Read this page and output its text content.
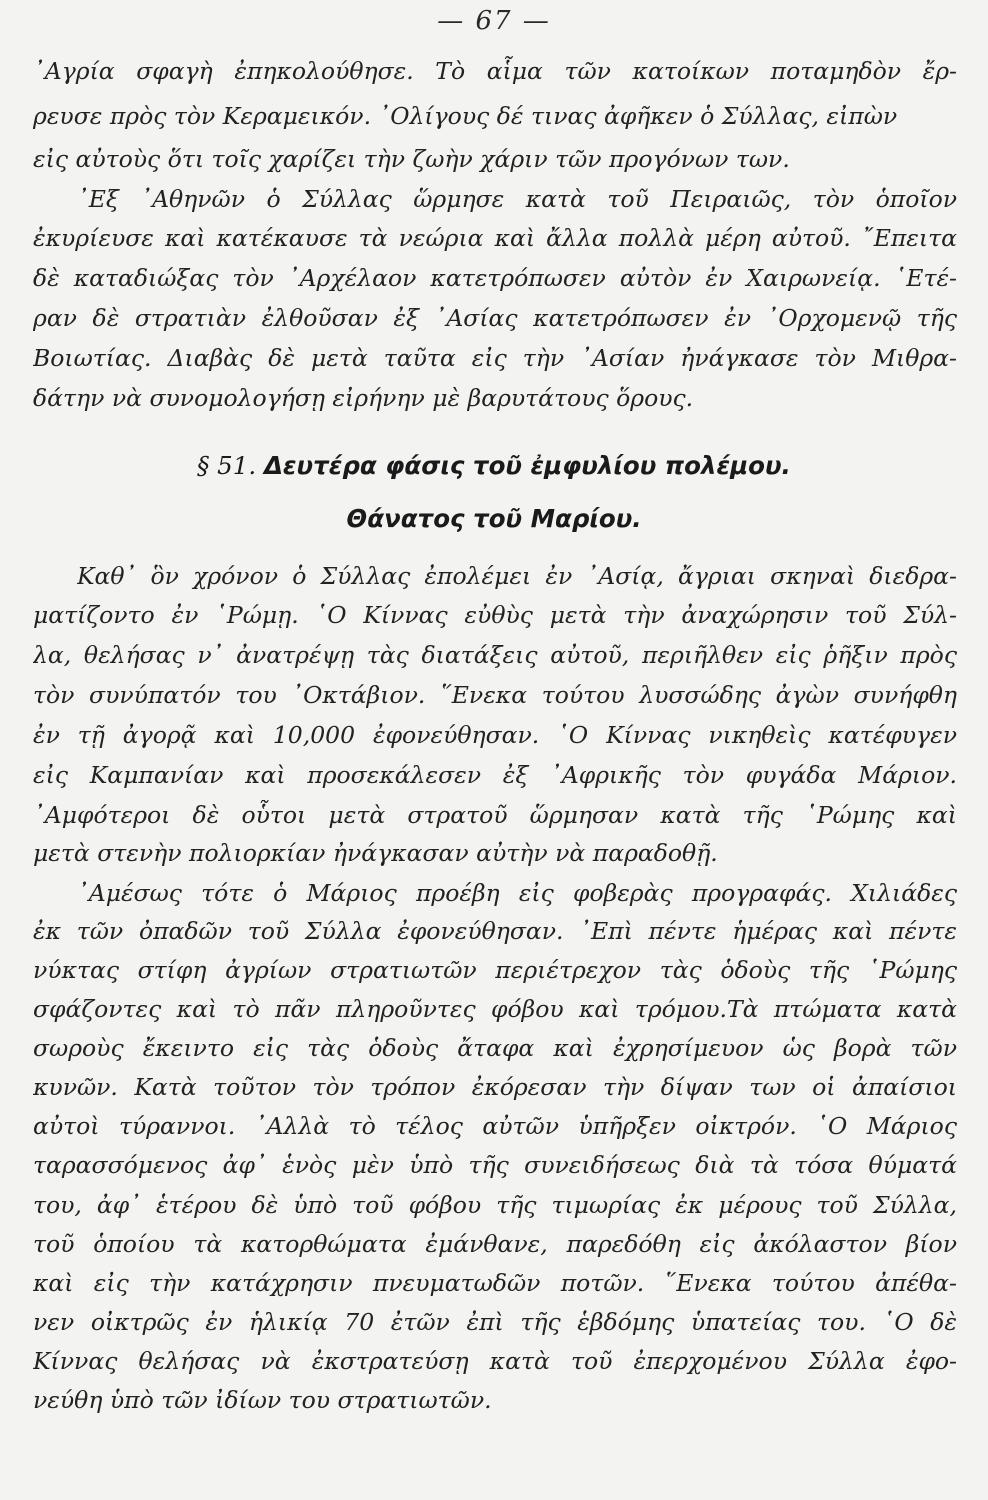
— 67 —
᾿Αγρία σφαγὴ ἐπηκολούθησε. Τὸ αἷμα τῶν κατοίκων ποταμηδὸν ἔρ-
ρευσε πρὸς τὸν Κεραμεικόν. ᾿Ολίγους δέ τινας ἀφῆκεν ὁ Σύλλας, εἰπὼν
εἰς αὐτοὺς ὅτι τοῖς χαρίζει τὴν ζωὴν χάριν τῶν προγόνων των.
᾿Εξ ᾿Αθηνῶν ὁ Σύλλας ὥρμησε κατὰ τοῦ Πειραιῶς, τὸν ὁποῖον
ἐκυρίευσε καὶ κατέκαυσε τὰ νεώρια καὶ ἄλλα πολλὰ μέρη αὐτοῦ. ῎Επειτα
δὲ καταδιώξας τὸν ᾿Αρχέλαον κατετρόπωσεν αὐτὸν ἐν Χαιρωνείᾳ. ῾Ετέ-
ραν δὲ στρατιὰν ἐλθοῦσαν ἐξ ᾿Ασίας κατετρόπωσεν ἐν ᾿Ορχομενῷ τῆς
Βοιωτίας. Διαβὰς δὲ μετὰ ταῦτα εἰς τὴν ᾿Ασίαν ἠνάγκασε τὸν Μιθρα-
δάτην νὰ συνομολογήσῃ εἰρήνην μὲ βαρυτάτους ὅρους.
§ 51. Δευτέρα φάσις τοῦ ἐμφυλίου πολέμου.
Θάνατος τοῦ Μαρίου.
Καθ᾿ ὃν χρόνον ὁ Σύλλας ἐπολέμει ἐν ᾿Ασίᾳ, ἄγριαι σκηναὶ διεδρα-
ματίζοντο ἐν ῾Ρώμῃ. ῾Ο Κίννας εὐθὺς μετὰ τὴν ἀναχώρησιν τοῦ Σύλ-
λα, θελήσας ν᾿ ἀνατρέψῃ τὰς διατάξεις αὐτοῦ, περιῆλθεν εἰς ῥῆξιν πρὸς
τὸν συνύπατόν του ᾿Οκτάβιον. ῞Ενεκα τούτου λυσσώδης ἀγὼν συνήφθη
ἐν τῇ ἀγορᾷ καὶ 10,000 ἐφονεύθησαν. ῾Ο Κίννας νικηθεὶς κατέφυγεν
εἰς Καμπανίαν καὶ προσεκάλεσεν ἐξ ᾿Αφρικῆς τὸν φυγάδα Μάριον.
᾿Αμφότεροι δὲ οὗτοι μετὰ στρατοῦ ὥρμησαν κατὰ τῆς ῾Ρώμης καὶ
μετὰ στενὴν πολιορκίαν ἠνάγκασαν αὐτὴν νὰ παραδοθῇ.
᾿Αμέσως τότε ὁ Μάριος προέβη εἰς φοβερὰς προγραφάς. Χιλιάδες
ἐκ τῶν ὀπαδῶν τοῦ Σύλλα ἐφονεύθησαν. ᾿Επὶ πέντε ἡμέρας καὶ πέντε
νύκτας στίφη ἀγρίων στρατιωτῶν περιέτρεχον τὰς ὁδοὺς τῆς ῾Ρώμης
σφάζοντες καὶ τὸ πᾶν πληροῦντες φόβου καὶ τρόμου.Τὰ πτώματα κατὰ
σωροὺς ἔκειντο εἰς τὰς ὁδοὺς ἄταφα καὶ ἐχρησίμευον ὡς βορὰ τῶν
κυνῶν. Κατὰ τοῦτον τὸν τρόπον ἐκόρεσαν τὴν δίψαν των οἱ ἀπαίσιοι
αὐτοὶ τύραννοι. ᾿Αλλὰ τὸ τέλος αὐτῶν ὑπῆρξεν οἰκτρόν. ῾Ο Μάριος
ταρασσόμενος ἀφ᾿ ἑνὸς μὲν ὑπὸ τῆς συνειδήσεως διὰ τὰ τόσα θύματά
του, ἀφ᾿ ἑτέρου δὲ ὑπὸ τοῦ φόβου τῆς τιμωρίας ἐκ μέρους τοῦ Σύλλα,
τοῦ ὁποίου τὰ κατορθώματα ἐμάνθανε, παρεδόθη εἰς ἀκόλαστον βίον
καὶ εἰς τὴν κατάχρησιν πνευματωδῶν ποτῶν. ῞Ενεκα τούτου ἀπέθα-
νεν οἰκτρῶς ἐν ἡλικίᾳ 70 ἐτῶν ἐπὶ τῆς ἑβδόμης ὑπατείας του. ῾Ο δὲ
Κίννας θελήσας νὰ ἐκστρατεύσῃ κατὰ τοῦ ἐπερχομένου Σύλλα ἐφο-
νεύθη ὑπὸ τῶν ἰδίων του στρατιωτῶν.
